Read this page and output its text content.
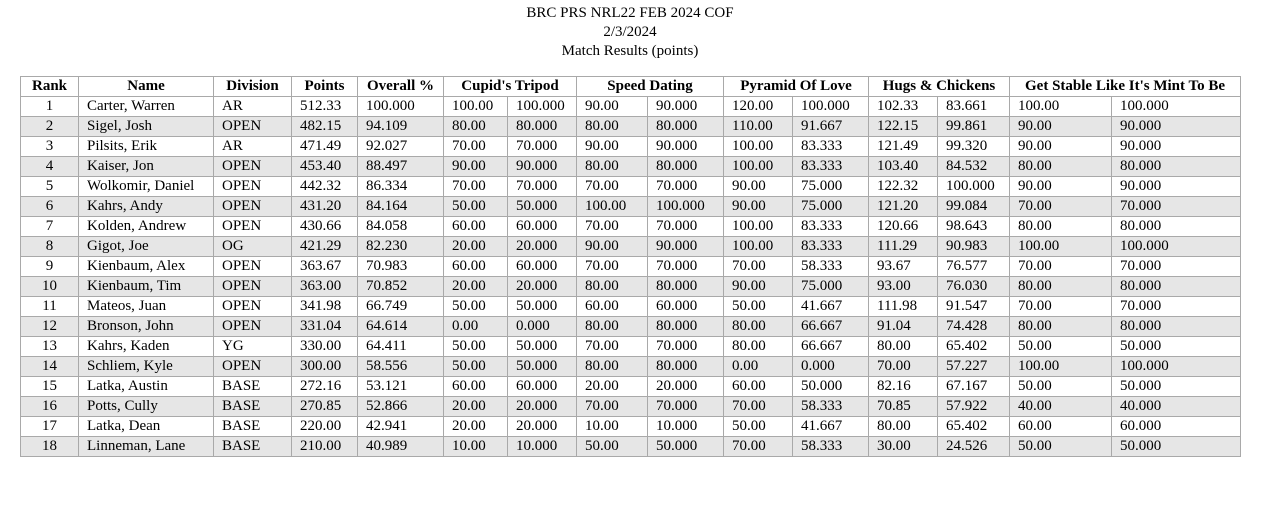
BRC PRS NRL22 FEB 2024 COF
2/3/2024
Match Results (points)
Rank	Name	Division	Points	Overall %	Cupid's Tripod		Speed Dating		Pyramid Of Love		Hugs & Chickens		Get Stable Like It's Mint To Be	
1	Carter, Warren	AR	512.33	100.000	100.00	100.000	90.00	90.000	120.00	100.000	102.33	83.661	100.00	100.000
2	Sigel, Josh	OPEN	482.15	94.109	80.00	80.000	80.00	80.000	110.00	91.667	122.15	99.861	90.00	90.000
3	Pilsits, Erik	AR	471.49	92.027	70.00	70.000	90.00	90.000	100.00	83.333	121.49	99.320	90.00	90.000
4	Kaiser, Jon	OPEN	453.40	88.497	90.00	90.000	80.00	80.000	100.00	83.333	103.40	84.532	80.00	80.000
5	Wolkomir, Daniel	OPEN	442.32	86.334	70.00	70.000	70.00	70.000	90.00	75.000	122.32	100.000	90.00	90.000
6	Kahrs, Andy	OPEN	431.20	84.164	50.00	50.000	100.00	100.000	90.00	75.000	121.20	99.084	70.00	70.000
7	Kolden, Andrew	OPEN	430.66	84.058	60.00	60.000	70.00	70.000	100.00	83.333	120.66	98.643	80.00	80.000
8	Gigot, Joe	OG	421.29	82.230	20.00	20.000	90.00	90.000	100.00	83.333	111.29	90.983	100.00	100.000
9	Kienbaum, Alex	OPEN	363.67	70.983	60.00	60.000	70.00	70.000	70.00	58.333	93.67	76.577	70.00	70.000
10	Kienbaum, Tim	OPEN	363.00	70.852	20.00	20.000	80.00	80.000	90.00	75.000	93.00	76.030	80.00	80.000
11	Mateos, Juan	OPEN	341.98	66.749	50.00	50.000	60.00	60.000	50.00	41.667	111.98	91.547	70.00	70.000
12	Bronson, John	OPEN	331.04	64.614	0.00	0.000	80.00	80.000	80.00	66.667	91.04	74.428	80.00	80.000
13	Kahrs, Kaden	YG	330.00	64.411	50.00	50.000	70.00	70.000	80.00	66.667	80.00	65.402	50.00	50.000
14	Schliem, Kyle	OPEN	300.00	58.556	50.00	50.000	80.00	80.000	0.00	0.000	70.00	57.227	100.00	100.000
15	Latka, Austin	BASE	272.16	53.121	60.00	60.000	20.00	20.000	60.00	50.000	82.16	67.167	50.00	50.000
16	Potts, Cully	BASE	270.85	52.866	20.00	20.000	70.00	70.000	70.00	58.333	70.85	57.922	40.00	40.000
17	Latka, Dean	BASE	220.00	42.941	20.00	20.000	10.00	10.000	50.00	41.667	80.00	65.402	60.00	60.000
18	Linneman, Lane	BASE	210.00	40.989	10.00	10.000	50.00	50.000	70.00	58.333	30.00	24.526	50.00	50.000
